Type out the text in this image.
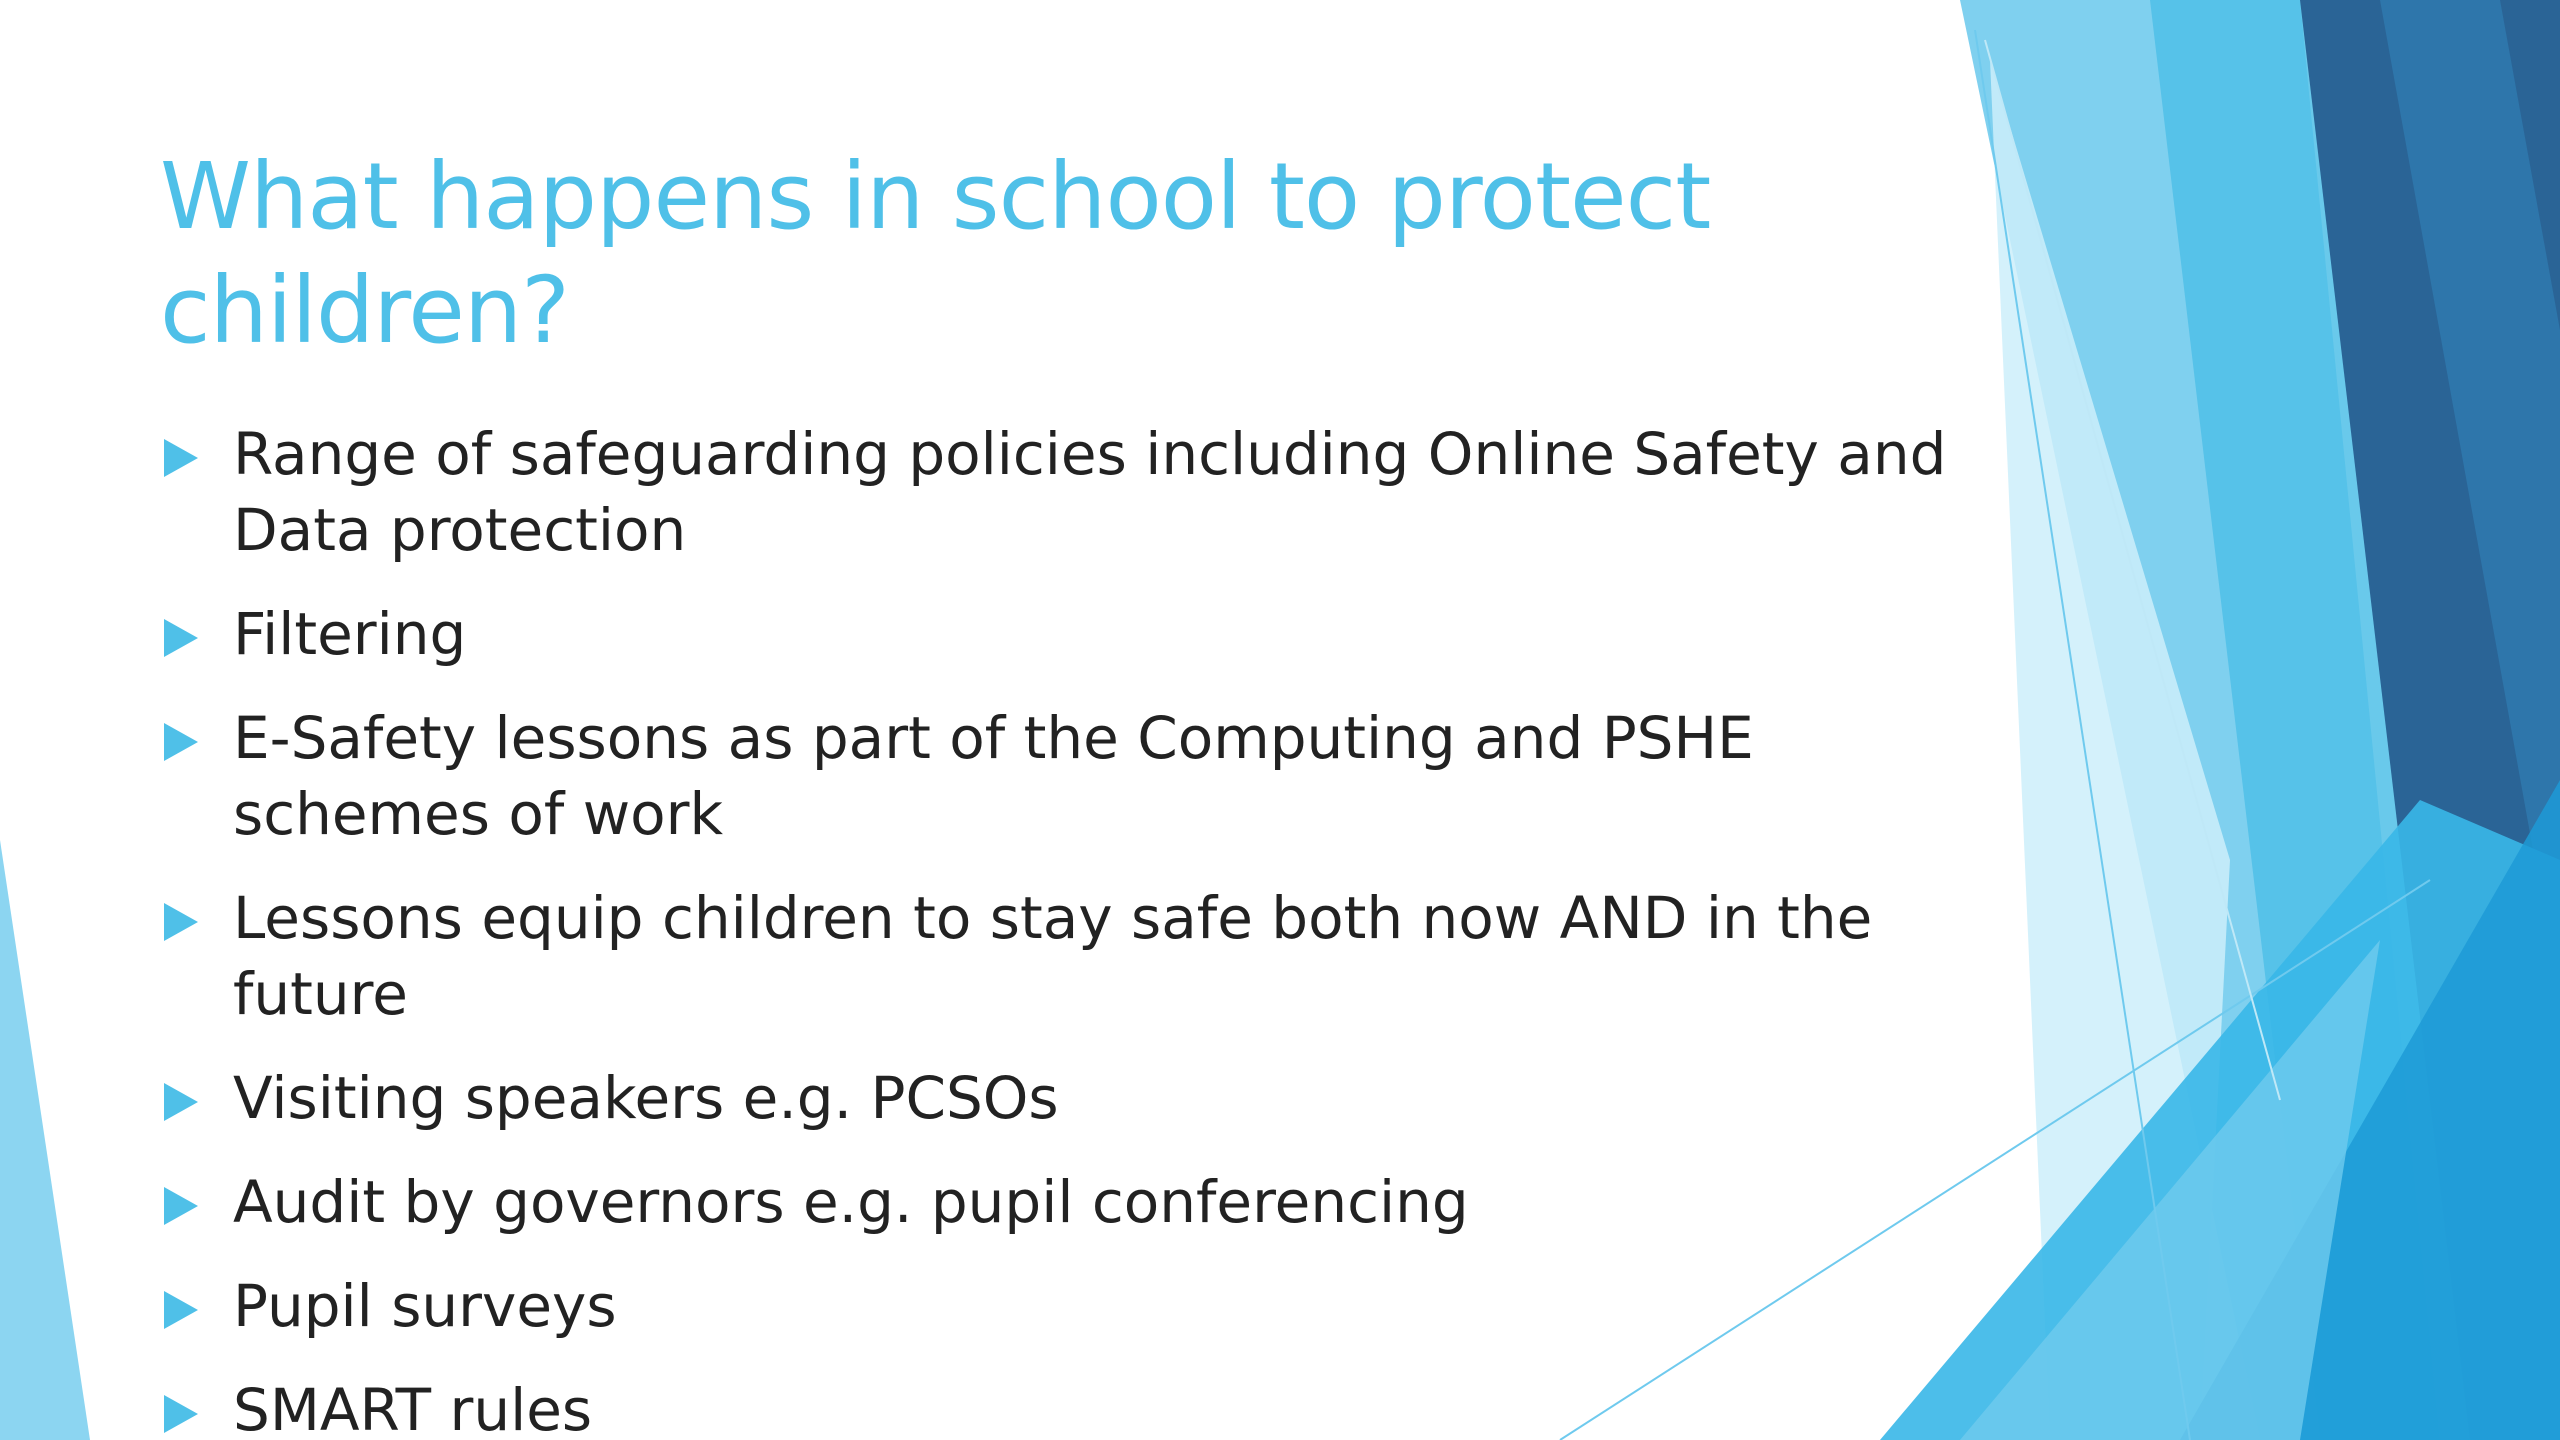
What happens in school to protect children?
Range of safeguarding policies including Online Safety and Data protection
Filtering
E-Safety lessons as part of the Computing and PSHE schemes of work
Lessons equip children to stay safe both now AND in the future
Visiting speakers e.g. PCSOs
Audit by governors e.g. pupil conferencing
Pupil surveys
SMART rules
